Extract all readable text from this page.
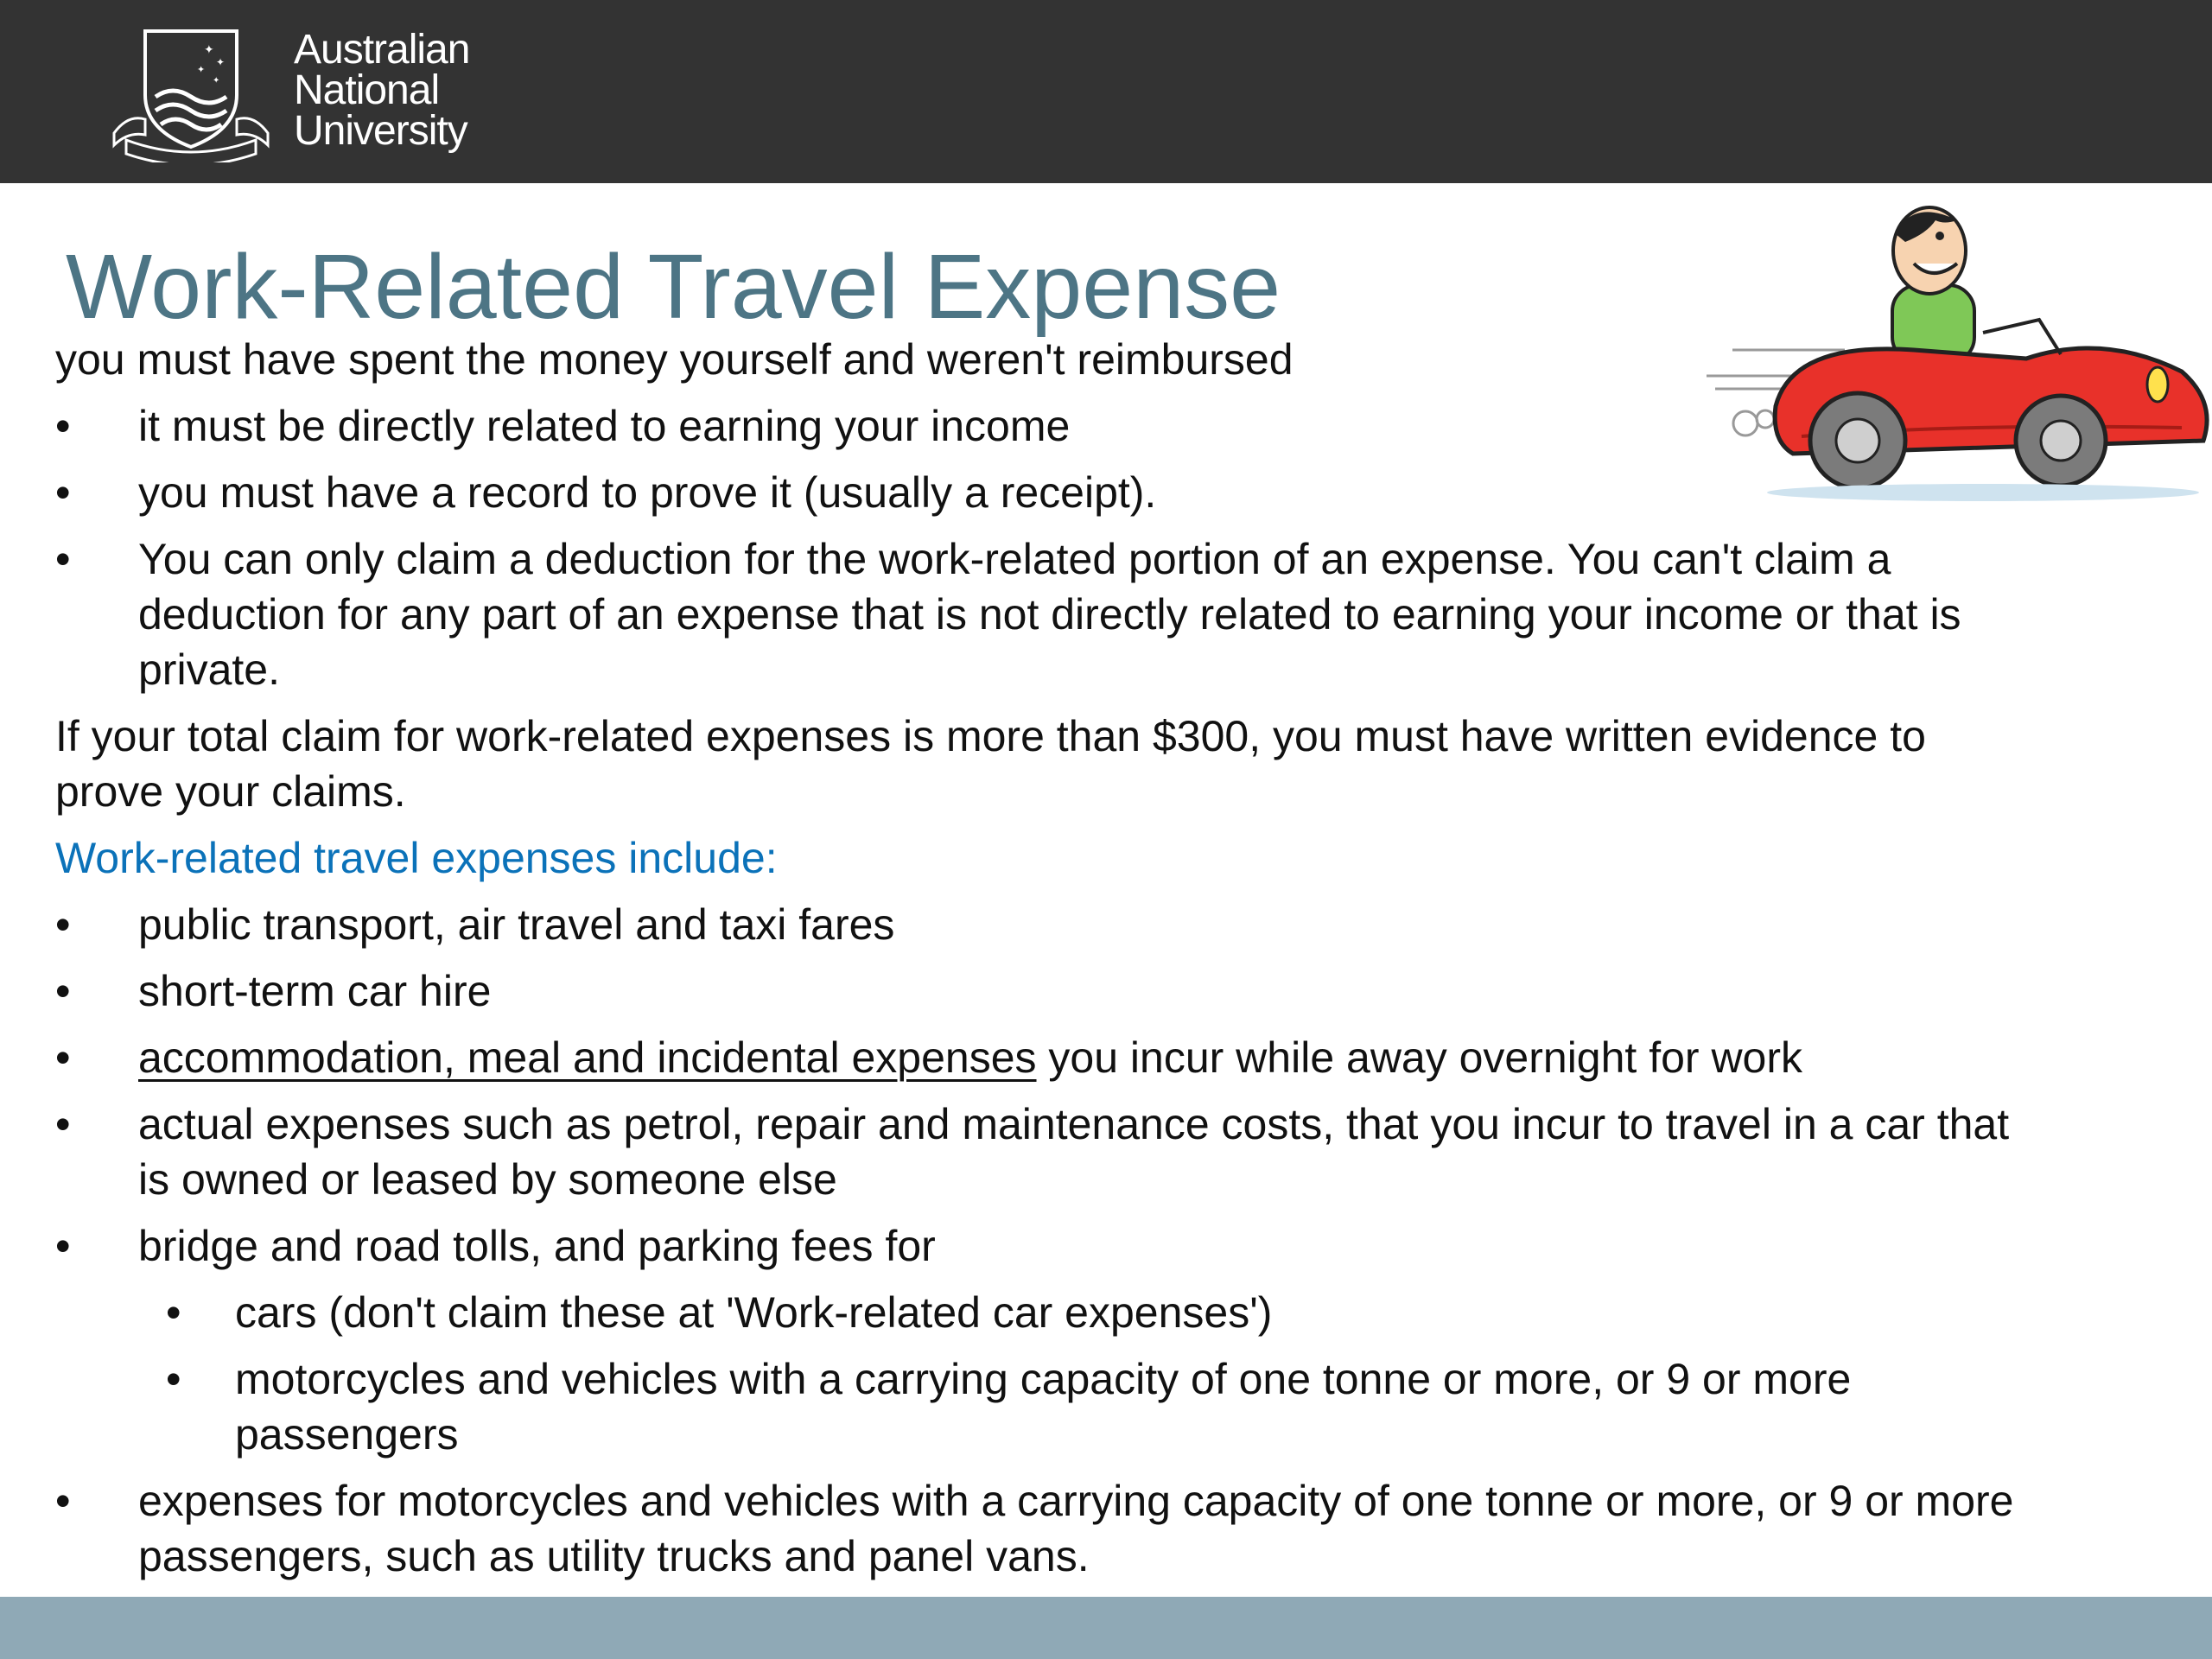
✦
✦
✦
✦
Australian
National
University
Work-Related Travel Expense

you must have spent the money yourself and weren't reimbursed

•	it must be directly related to earning your income
•	you must have a record to prove it (usually a receipt).
•	You can only claim a deduction for the work-related portion of an expense. You can't claim a deduction for any part of an expense that is not directly related to earning your income or that is private.

If your total claim for work-related expenses is more than $300, you must have written evidence to prove your claims.

Work-related travel expenses include:

•	public transport, air travel and taxi fares
•	short-term car hire
•	accommodation, meal and incidental expenses you incur while away overnight for work
•	actual expenses such as petrol, repair and maintenance costs, that you incur to travel in a car that is owned or leased by someone else
•	bridge and road tolls, and parking fees for
•	cars (don't claim these at 'Work-related car expenses')
•	motorcycles and vehicles with a carrying capacity of one tonne or more, or 9 or more passengers
•	expenses for motorcycles and vehicles with a carrying capacity of one tonne or more, or 9 or more passengers, such as utility trucks and panel vans.
